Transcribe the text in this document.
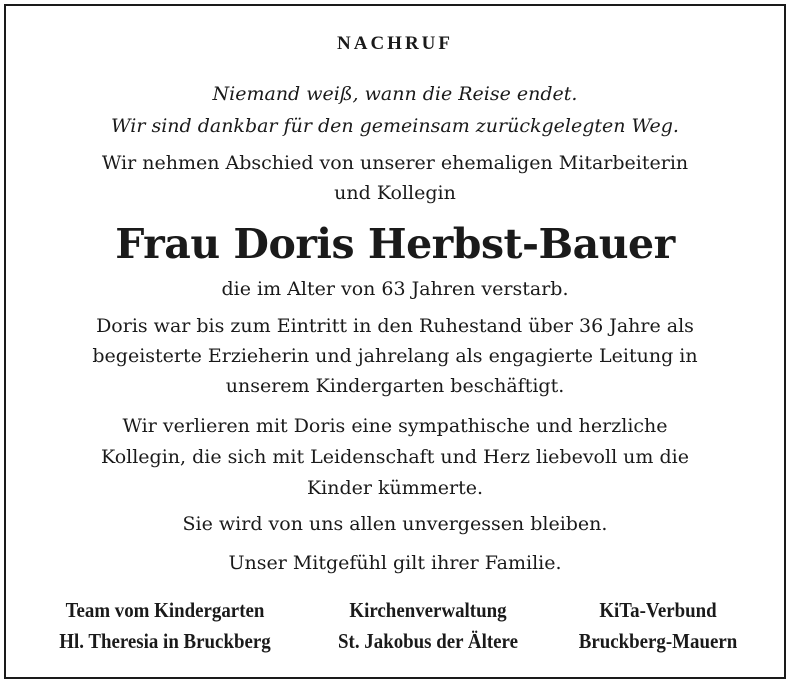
NACHRUF
Niemand weiß, wann die Reise endet.
Wir sind dankbar für den gemeinsam zurückgelegten Weg.
Wir nehmen Abschied von unserer ehemaligen Mitarbeiterin
und Kollegin
Frau Doris Herbst-Bauer
die im Alter von 63 Jahren verstarb.
Doris war bis zum Eintritt in den Ruhestand über 36 Jahre als
begeisterte Erzieherin und jahrelang als engagierte Leitung in
unserem Kindergarten beschäftigt.
Wir verlieren mit Doris eine sympathische und herzliche
Kollegin, die sich mit Leidenschaft und Herz liebevoll um die
Kinder kümmerte.
Sie wird von uns allen unvergessen bleiben.
Unser Mitgefühl gilt ihrer Familie.
Team vom Kindergarten
Hl. Theresia in Bruckberg
Kirchenverwaltung
St. Jakobus der Ältere
KiTa-Verbund
Bruckberg-Mauern
